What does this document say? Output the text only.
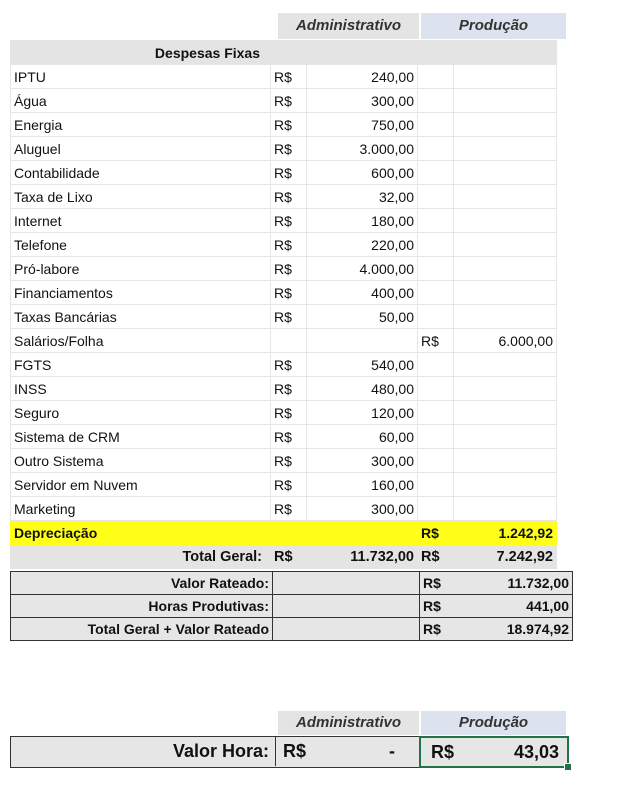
Administrativo	Produção
Despesas Fixas				
IPTU	R$	240,00		
Água	R$	300,00		
Energia	R$	750,00		
Aluguel	R$	3.000,00		
Contabilidade	R$	600,00		
Taxa de Lixo	R$	32,00		
Internet	R$	180,00		
Telefone	R$	220,00		
Pró-labore	R$	4.000,00		
Financiamentos	R$	400,00		
Taxas Bancárias	R$	50,00		
Salários/Folha			R$	6.000,00
FGTS	R$	540,00		
INSS	R$	480,00		
Seguro	R$	120,00		
Sistema de CRM	R$	60,00		
Outro Sistema	R$	300,00		
Servidor em Nuvem	R$	160,00		
Marketing	R$	300,00		
Depreciação			R$	1.242,92
Total Geral:	R$	11.732,00	R$	7.242,92
Valor Rateado:		R$	11.732,00
Horas Produtivas:		R$	441,00
Total Geral + Valor Rateado		R$	18.974,92
Administrativo	Produção
Valor Hora: R$	- R$	43,03
